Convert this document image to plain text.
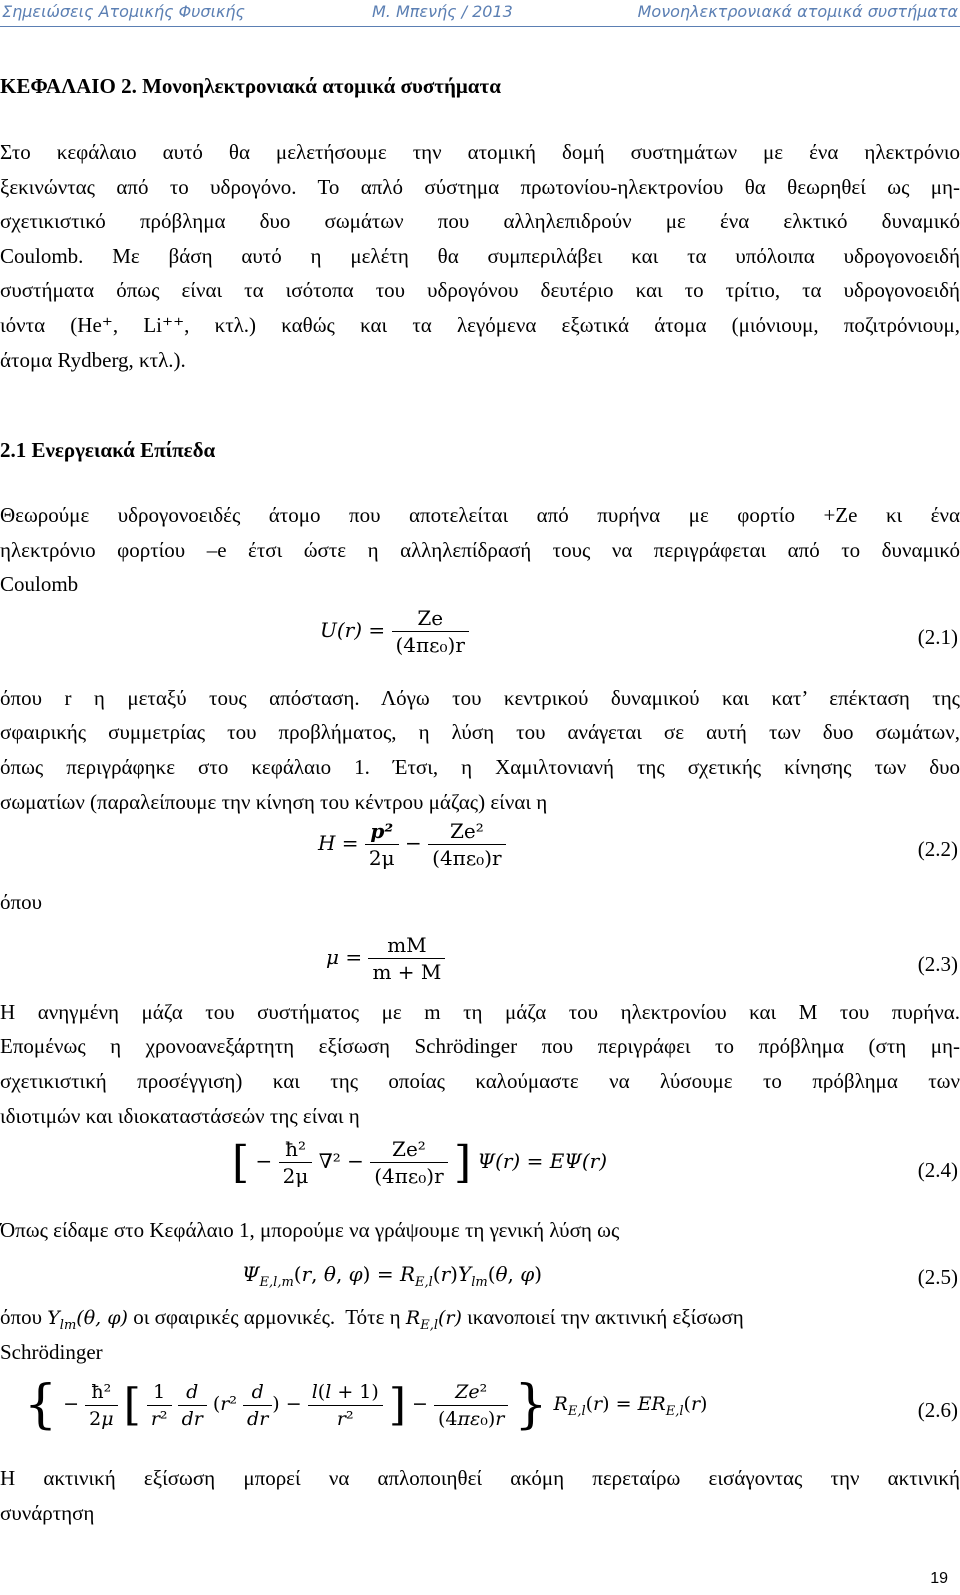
Σημειώσεις Ατομικής Φυσικής	Μ. Μπενής / 2013	Μονοηλεκτρονιακά ατομικά συστήματα
ΚΕΦΑΛΑΙΟ 2. Μονοηλεκτρονιακά ατομικά συστήματα
Στο κεφάλαιο αυτό θα μελετήσουμε την ατομική δομή συστημάτων με ένα ηλεκτρόνιο
ξεκινώντας από το υδρογόνο. Το απλό σύστημα πρωτονίου-ηλεκτρονίου θα θεωρηθεί ως μη-
σχετικιστικό πρόβλημα δυο σωμάτων που αλληλεπιδρούν με ένα ελκτικό δυναμικό
Coulomb. Με βάση αυτό η μελέτη θα συμπεριλάβει και τα υπόλοιπα υδρογονοειδή
συστήματα όπως είναι τα ισότοπα του υδρογόνου δευτέριο και το τρίτιο, τα υδρογονοειδή
ιόντα (He⁺, Li⁺⁺, κτλ.) καθώς και τα λεγόμενα εξωτικά άτομα (μιόνιουμ, ποζιτρόνιουμ,
άτομα Rydberg, κτλ.).
2.1 Ενεργειακά Επίπεδα
Θεωρούμε υδρογονοειδές άτομο που αποτελείται από πυρήνα με φορτίο +Ze κι ένα
ηλεκτρόνιο φορτίου –e έτσι ώστε η αλληλεπίδρασή τους να περιγράφεται από το δυναμικό
Coulomb
$U(r) = \frac{Ze}{\text{(4πε₀)r}}$	(2.1)
όπου r η μεταξύ τους απόσταση. Λόγω του κεντρικού δυναμικού και κατ’ επέκταση της
σφαιρικής συμμετρίας του προβλήματος, η λύση του ανάγεται σε αυτή των δυο σωμάτων,
όπως περιγράφηκε στο κεφάλαιο 1. Έτσι, η Χαμιλτονιανή της σχετικής κίνησης των δυο
σωματίων (παραλείπουμε την κίνηση του κέντρου μάζας) είναι η
$H = \frac{\text{p²}}{2\mu} - \frac{\text{Ze²}}{\text{(4πε₀)r}}$	(2.2)
όπου
$\mu = \frac{mM}{m + M}$	(2.3)
Η ανηγμένη μάζα του συστήματος με m τη μάζα του ηλεκτρονίου και M του πυρήνα.
Επομένως η χρονοανεξάρτητη εξίσωση Schrödinger που περιγράφει το πρόβλημα (στη μη-
σχετικιστική προσέγγιση) και της οποίας καλούμαστε να λύσουμε το πρόβλημα των
ιδιοτιμών και ιδιοκαταστάσεών της είναι η
[ − $\frac{\text{ħ²}}{2\mu} \nabla^2 - \frac{\text{Ze²}}{\text{(4πε₀)r}}$ ] Ψ(r) = EΨ(r)	(2.4)
Όπως είδαμε στο Κεφάλαιο 1, μπορούμε να γράψουμε τη γενική λύση ως
$\Psi_{E,l,m}(r$, θ, $\varphi) = R_{E,l}(r)Y_{lm}(\theta$, φ)	(2.5)
όπου $Y_{lm}(\theta$, φ) οι σφαιρικές αρμονικές.  Τότε η $R_{E,l}(r)$ ικανοποιεί την ακτινική εξίσωση
Schrödinger
{ − $\frac{\text{ħ²}}{2\mu}$ [ $\frac{1}{\text{r²}}$
$\frac{d}{dr} (r^2 \frac{d}{dr}$ ) − $\frac{l(l + 1)}{\text{r²}}$ ] − $\frac{\text{Ze²}}{\text{(4πε₀)r}}$ } $R_{E,l}(r) = ER_{E,l}(r)$	(2.6)
Η ακτινική εξίσωση μπορεί να απλοποιηθεί ακόμη περεταίρω εισάγοντας την ακτινική
συνάρτηση
19
